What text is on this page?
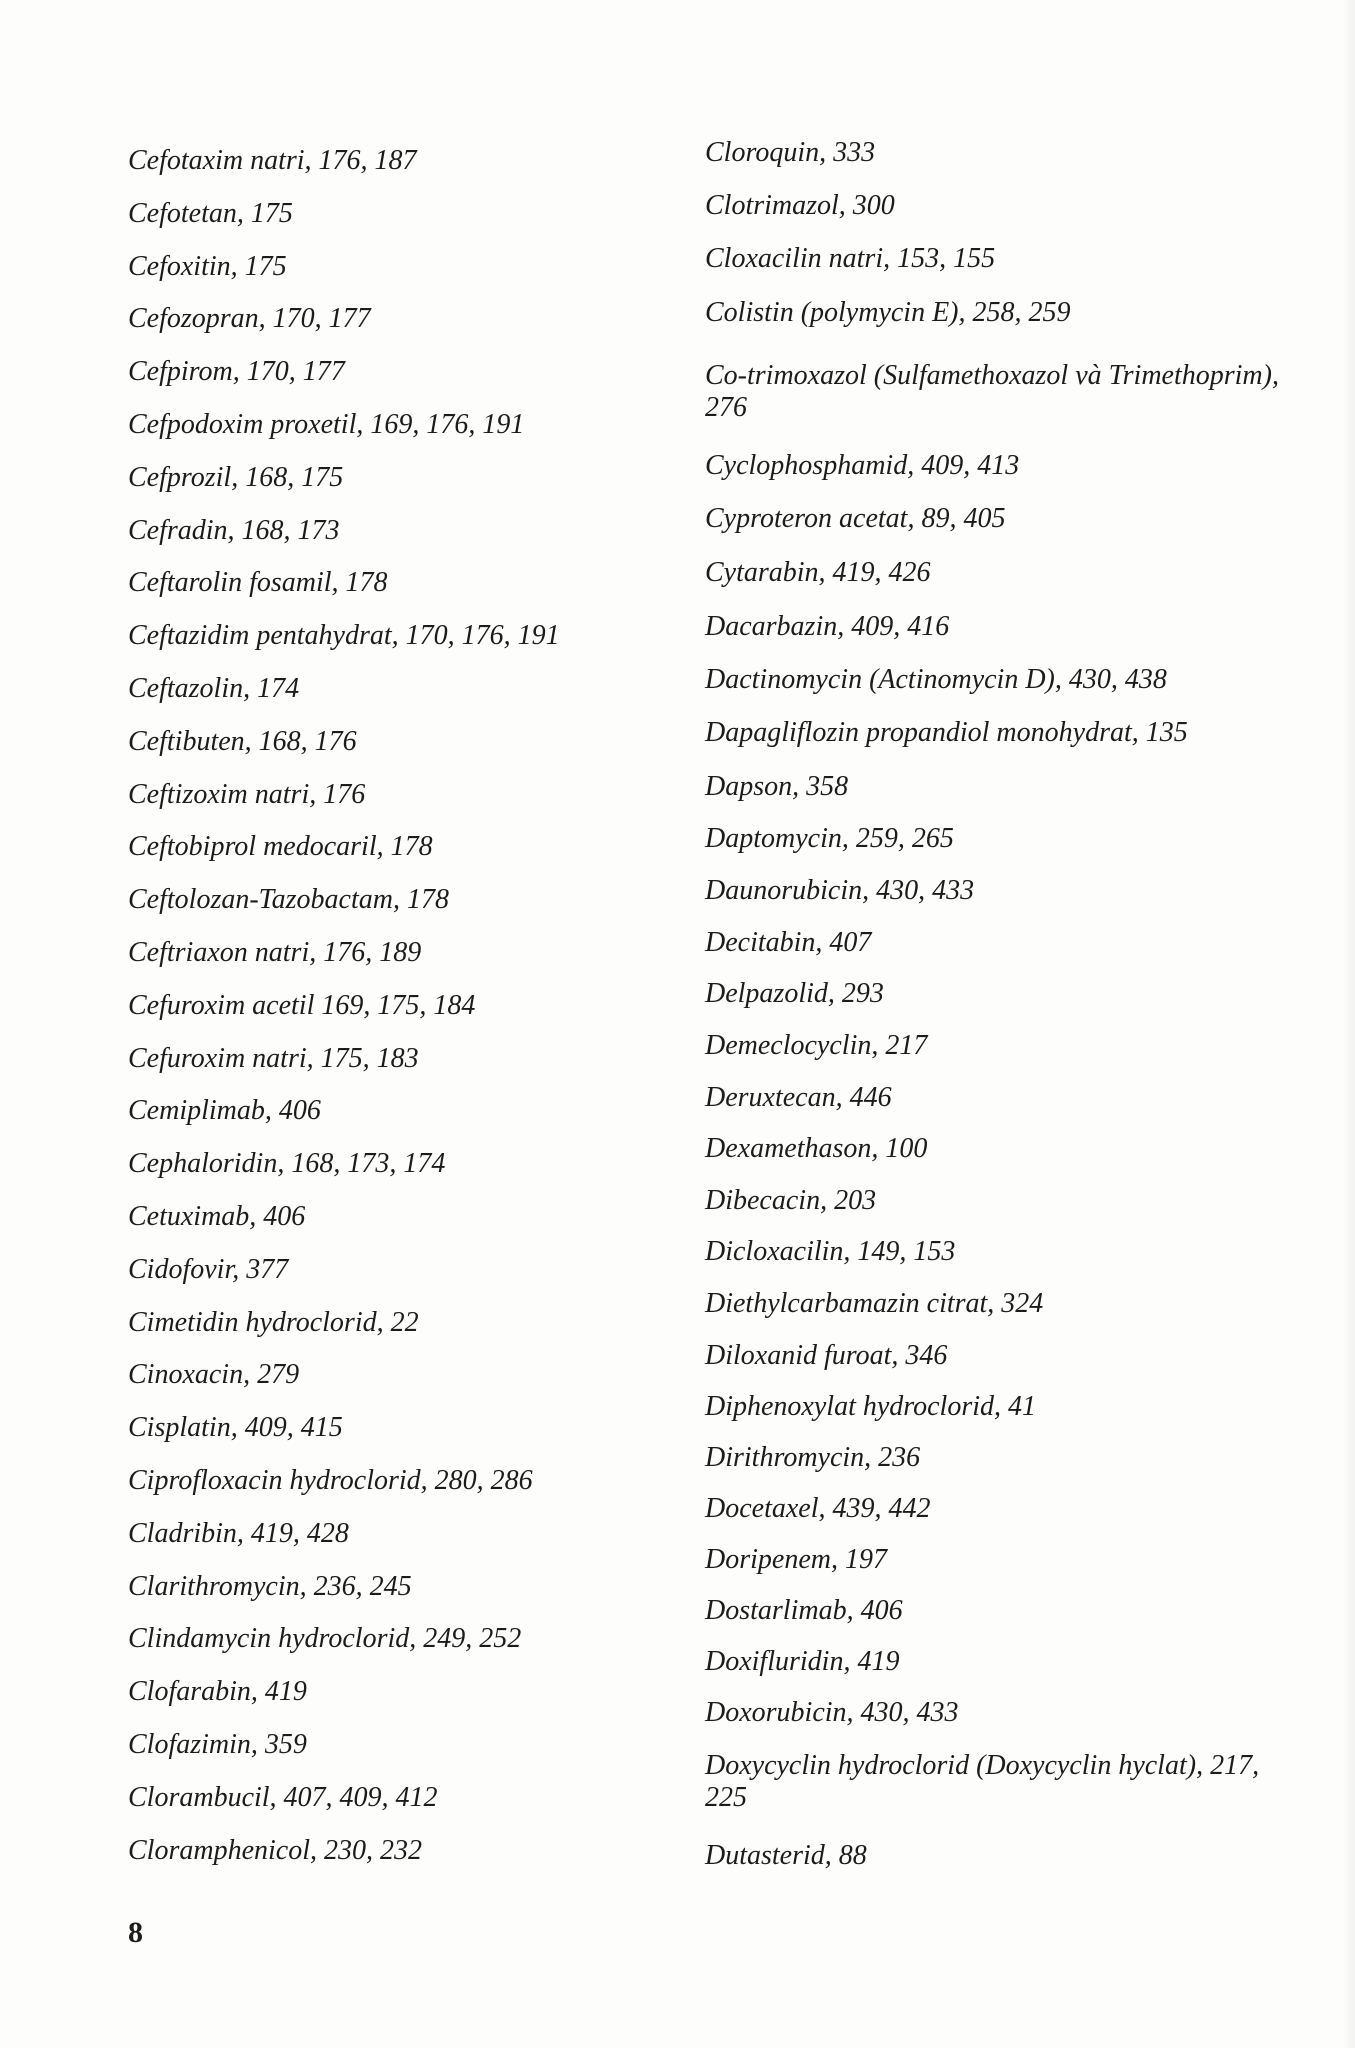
Cefotaxim natri, 176, 187
Cefotetan, 175
Cefoxitin, 175
Cefozopran, 170, 177
Cefpirom, 170, 177
Cefpodoxim proxetil, 169, 176, 191
Cefprozil, 168, 175
Cefradin, 168, 173
Ceftarolin fosamil, 178
Ceftazidim pentahydrat, 170, 176, 191
Ceftazolin, 174
Ceftibuten, 168, 176
Ceftizoxim natri, 176
Ceftobiprol medocaril, 178
Ceftolozan-Tazobactam, 178
Ceftriaxon natri, 176, 189
Cefuroxim acetil 169, 175, 184
Cefuroxim natri, 175, 183
Cemiplimab, 406
Cephaloridin, 168, 173, 174
Cetuximab, 406
Cidofovir, 377
Cimetidin hydroclorid, 22
Cinoxacin, 279
Cisplatin, 409, 415
Ciprofloxacin hydroclorid, 280, 286
Cladribin, 419, 428
Clarithromycin, 236, 245
Clindamycin hydroclorid, 249, 252
Clofarabin, 419
Clofazimin, 359
Clorambucil, 407, 409, 412
Cloramphenicol, 230, 232
Cloroquin, 333
Clotrimazol, 300
Cloxacilin natri, 153, 155
Colistin (polymycin E), 258, 259
Co-trimoxazol (Sulfamethoxazol và Trimethoprim), 276
Cyclophosphamid, 409, 413
Cyproteron acetat, 89, 405
Cytarabin, 419, 426
Dacarbazin, 409, 416
Dactinomycin (Actinomycin D), 430, 438
Dapagliflozin propandiol monohydrat, 135
Dapson, 358
Daptomycin, 259, 265
Daunorubicin, 430, 433
Decitabin, 407
Delpazolid, 293
Demeclocyclin, 217
Deruxtecan, 446
Dexamethason, 100
Dibecacin, 203
Dicloxacilin, 149, 153
Diethylcarbamazin citrat, 324
Diloxanid furoat, 346
Diphenoxylat hydroclorid, 41
Dirithromycin, 236
Docetaxel, 439, 442
Doripenem, 197
Dostarlimab, 406
Doxifluridin, 419
Doxorubicin, 430, 433
Doxycyclin hydroclorid (Doxycyclin hyclat), 217, 225
Dutasterid, 88
8
